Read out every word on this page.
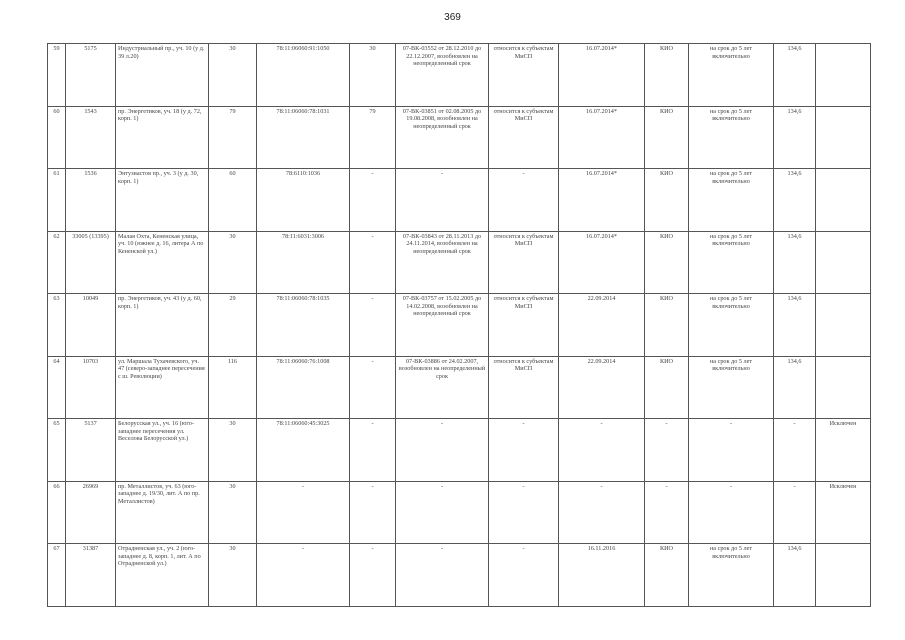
369
59	5175	Индустриальный пр., уч. 10 (у д. 39 л.20)	30	78:11:06060:91:1050	30	07-ВК-03552 от 28.12.2010 до 22.12.2007, возобновлен на неопределенный срок	относится к субъектам МиСП	16.07.2014*	КИО	на срок до 5 лет включительно	134,6	
60	1543	пр. Энергетиков, уч. 18 (у д. 72, корп. 1)	79	78:11:06060:78:1031	79	07-ВК-03851 от 02.08.2005 до 19.08.2008, возобновлен на неопределенный срок	относится к субъектам МиСП	16.07.2014*	КИО	на срок до 5 лет включительно	134,6	
61	1536	Энтузиастов пр., уч. 3 (у д. 30, корп. 1)	60	78:6110:1036	-	-	-	16.07.2014*	КИО	на срок до 5 лет включительно	134,6	
62	33005 (13395)	Малая Охта, Кененская улица, уч. 10 (южнее д. 16, литера А по Кененской ул.)	30	78:11:6031:3006	-	07-ВК-03843 от 28.11.2013 до 24.11.2014, возобновлен на неопределенный срок	относится к субъектам МиСП	16.07.2014*	КИО	на срок до 5 лет включительно	134,6	
63	10049	пр. Энергетиков, уч. 43 (у д. 60, корп. 1)	29	78:11:06060:78:1035	-	07-ВК-03757 от 15.02.2005 до 14.02.2008, возобновлен на неопределенный срок	относится к субъектам МиСП	22.09.2014	КИО	на срок до 5 лет включительно	134,6	
64	10703	ул. Маршала Тухачевского, уч. 47 (северо-западнее пересечения с ш. Революции)	116	78:11:06060:76:1008	-	07-ВК-03886 от 24.02.2007, возобновлен на неопределенный срок	относится к субъектам МиСП	22.09.2014	КИО	на срок до 5 лет включительно	134,6	
65	5137	Белорусская ул., уч. 16 (юго-западнее пересечения ул. Веселова Белорусской ул.)	30	78:11:06060:45:3025	-	-	-	-	-	-	-	Исключен
66	26969	пр. Металлистов, уч. 63 (юго-западнее д. 19/30, лит. А по пр. Металлистов)	30	-	-	-	-	-	-	-	-	Исключен
67	31387	Отрадненская ул., уч. 2 (юго-западнее д. 8, корп. 1, лит. А по Отрадненской ул.)	30	-	-	-	-	16.11.2016	КИО	на срок до 5 лет включительно	134,6	
